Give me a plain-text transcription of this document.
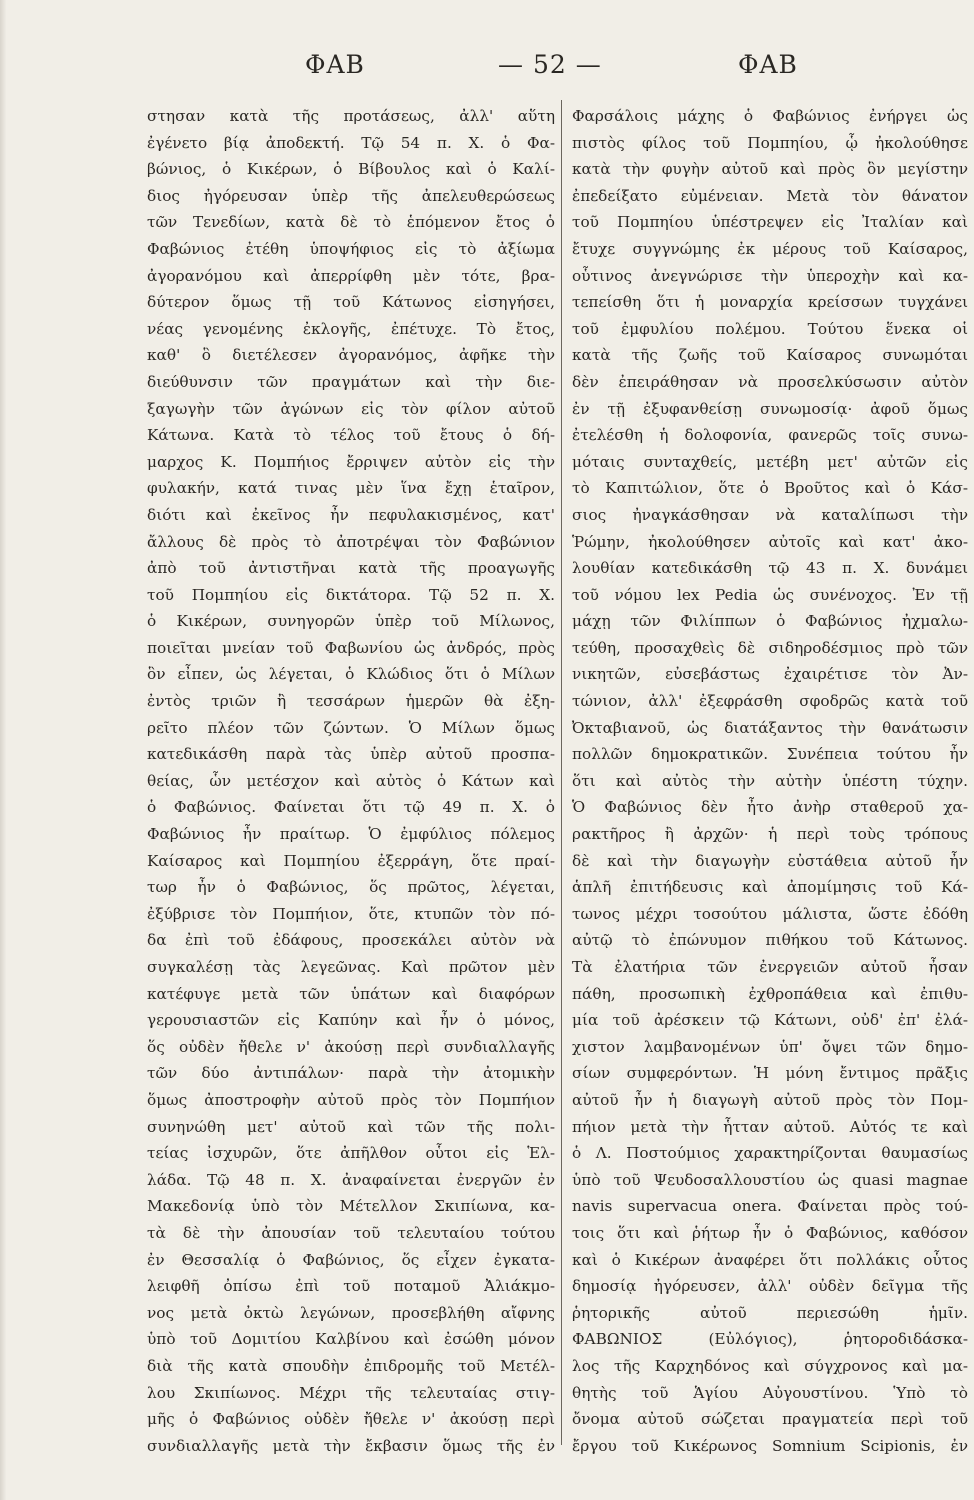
ΦΑΒ	— 52 —	ΦΑΒ
στησαν κατὰ τῆς προτάσεως, ἀλλ' αὕτη
ἐγένετο βίᾳ ἀποδεκτή. Τῷ 54 π. Χ. ὁ Φα-
βώνιος, ὁ Κικέρων, ὁ Βίβουλος καὶ ὁ Καλί-
διος ἠγόρευσαν ὑπὲρ τῆς ἀπελευθερώσεως
τῶν Τενεδίων, κατὰ δὲ τὸ ἑπόμενον ἔτος ὁ
Φαβώνιος ἐτέθη ὑποψήφιος εἰς τὸ ἀξίωμα
ἀγορανόμου καὶ ἀπερρίφθη μὲν τότε, βρα-
δύτερον ὅμως τῇ τοῦ Κάτωνος εἰσηγήσει,
νέας γενομένης ἐκλογῆς, ἐπέτυχε. Τὸ ἔτος,
καθ' ὃ διετέλεσεν ἀγορανόμος, ἀφῆκε τὴν
διεύθυνσιν τῶν πραγμάτων καὶ τὴν διε-
ξαγωγὴν τῶν ἀγώνων εἰς τὸν φίλον αὐτοῦ
Κάτωνα. Κατὰ τὸ τέλος τοῦ ἔτους ὁ δή-
μαρχος Κ. Πομπήιος ἔρριψεν αὐτὸν εἰς τὴν
φυλακήν, κατά τινας μὲν ἵνα ἔχῃ ἑταῖρον,
διότι καὶ ἐκεῖνος ἦν πεφυλακισμένος, κατ'
ἄλλους δὲ πρὸς τὸ ἀποτρέψαι τὸν Φαβώνιον
ἀπὸ τοῦ ἀντιστῆναι κατὰ τῆς προαγωγῆς
τοῦ Πομπηίου εἰς δικτάτορα. Τῷ 52 π. Χ.
ὁ Κικέρων, συνηγορῶν ὑπὲρ τοῦ Μίλωνος,
ποιεῖται μνείαν τοῦ Φαβωνίου ὡς ἀνδρός, πρὸς
ὃν εἶπεν, ὡς λέγεται, ὁ Κλώδιος ὅτι ὁ Μίλων
ἐντὸς τριῶν ἢ τεσσάρων ἡμερῶν θὰ ἐξη-
ρεῖτο πλέον τῶν ζώντων. Ὁ Μίλων ὅμως
κατεδικάσθη παρὰ τὰς ὑπὲρ αὐτοῦ προσπα-
θείας, ὧν μετέσχον καὶ αὐτὸς ὁ Κάτων καὶ
ὁ Φαβώνιος. Φαίνεται ὅτι τῷ 49 π. Χ. ὁ
Φαβώνιος ἦν πραίτωρ. Ὁ ἐμφύλιος πόλεμος
Καίσαρος καὶ Πομπηίου ἐξερράγη, ὅτε πραί-
τωρ ἦν ὁ Φαβώνιος, ὅς πρῶτος, λέγεται,
ἐξύβρισε τὸν Πομπήιον, ὅτε, κτυπῶν τὸν πό-
δα ἐπὶ τοῦ ἐδάφους, προσεκάλει αὐτὸν νὰ
συγκαλέσῃ τὰς λεγεῶνας. Καὶ πρῶτον μὲν
κατέφυγε μετὰ τῶν ὑπάτων καὶ διαφόρων
γερουσιαστῶν εἰς Καπύην καὶ ἦν ὁ μόνος,
ὅς οὐδὲν ἤθελε ν' ἀκούσῃ περὶ συνδιαλλαγῆς
τῶν δύο ἀντιπάλων· παρὰ τὴν ἀτομικὴν
ὅμως ἀποστροφὴν αὐτοῦ πρὸς τὸν Πομπήιον
συνηνώθη μετ' αὐτοῦ καὶ τῶν τῆς πολι-
τείας ἰσχυρῶν, ὅτε ἀπῆλθον οὗτοι εἰς Ἑλ-
λάδα. Τῷ 48 π. Χ. ἀναφαίνεται ἐνεργῶν ἐν
Μακεδονίᾳ ὑπὸ τὸν Μέτελλον Σκιπίωνα, κα-
τὰ δὲ τὴν ἀπουσίαν τοῦ τελευταίου τούτου
ἐν Θεσσαλίᾳ ὁ Φαβώνιος, ὅς εἶχεν ἐγκατα-
λειφθῆ ὀπίσω ἐπὶ τοῦ ποταμοῦ Ἀλιάκμο-
νος μετὰ ὀκτὼ λεγώνων, προσεβλήθη αἴφνης
ὑπὸ τοῦ Δομιτίου Καλβίνου καὶ ἐσώθη μόνον
διὰ τῆς κατὰ σπουδὴν ἐπιδρομῆς τοῦ Μετέλ-
λου Σκιπίωνος. Μέχρι τῆς τελευταίας στιγ-
μῆς ὁ Φαβώνιος οὐδὲν ἤθελε ν' ἀκούσῃ περὶ
συνδιαλλαγῆς μετὰ τὴν ἔκβασιν ὅμως τῆς ἐν
Φαρσάλοις μάχης ὁ Φαβώνιος ἐνήργει ὡς
πιστὸς φίλος τοῦ Πομπηίου, ᾧ ἠκολούθησε
κατὰ τὴν φυγὴν αὐτοῦ καὶ πρὸς ὃν μεγίστην
ἐπεδείξατο εὐμένειαν. Μετὰ τὸν θάνατον
τοῦ Πομπηίου ὑπέστρεψεν εἰς Ἰταλίαν καὶ
ἔτυχε συγγνώμης ἐκ μέρους τοῦ Καίσαρος,
οὗτινος ἀνεγνώρισε τὴν ὑπεροχὴν καὶ κα-
τεπείσθη ὅτι ἡ μοναρχία κρείσσων τυγχάνει
τοῦ ἐμφυλίου πολέμου. Τούτου ἕνεκα οἱ
κατὰ τῆς ζωῆς τοῦ Καίσαρος συνωμόται
δὲν ἐπειράθησαν νὰ προσελκύσωσιν αὐτὸν
ἐν τῇ ἐξυφανθείσῃ συνωμοσίᾳ· ἀφοῦ ὅμως
ἐτελέσθη ἡ δολοφονία, φανερῶς τοῖς συνω-
μόταις συνταχθείς, μετέβη μετ' αὐτῶν εἰς
τὸ Καπιτώλιον, ὅτε ὁ Βροῦτος καὶ ὁ Κάσ-
σιος ἠναγκάσθησαν νὰ καταλίπωσι τὴν
Ῥώμην, ἠκολούθησεν αὐτοῖς καὶ κατ' ἀκο-
λουθίαν κατεδικάσθη τῷ 43 π. Χ. δυνάμει
τοῦ νόμου lex Pedia ὡς συνένοχος. Ἐν τῇ
μάχῃ τῶν Φιλίππων ὁ Φαβώνιος ἠχμαλω-
τεύθη, προσαχθεὶς δὲ σιδηροδέσμιος πρὸ τῶν
νικητῶν, εὐσεβάστως ἐχαιρέτισε τὸν Ἀν-
τώνιον, ἀλλ' ἐξεφράσθη σφοδρῶς κατὰ τοῦ
Ὀκταβιανοῦ, ὡς διατάξαντος τὴν θανάτωσιν
πολλῶν δημοκρατικῶν. Συνέπεια τούτου ἦν
ὅτι καὶ αὐτὸς τὴν αὐτὴν ὑπέστη τύχην.
Ὁ Φαβώνιος δὲν ἦτο ἀνὴρ σταθεροῦ χα-
ρακτῆρος ἢ ἀρχῶν· ἡ περὶ τοὺς τρόπους
δὲ καὶ τὴν διαγωγὴν εὐστάθεια αὐτοῦ ἦν
ἁπλῆ ἐπιτήδευσις καὶ ἀπομίμησις τοῦ Κά-
τωνος μέχρι τοσούτου μάλιστα, ὥστε ἐδόθη
αὐτῷ τὸ ἐπώνυμον πιθήκου τοῦ Κάτωνος.
Τὰ ἐλατήρια τῶν ἐνεργειῶν αὐτοῦ ἦσαν
πάθη, προσωπικὴ ἐχθροπάθεια καὶ ἐπιθυ-
μία τοῦ ἀρέσκειν τῷ Κάτωνι, οὐδ' ἐπ' ἐλά-
χιστον λαμβανομένων ὑπ' ὄψει τῶν δημο-
σίων συμφερόντων. Ἡ μόνη ἔντιμος πρᾶξις
αὐτοῦ ἦν ἡ διαγωγὴ αὐτοῦ πρὸς τὸν Πομ-
πήιον μετὰ τὴν ἧτταν αὐτοῦ. Αὐτός τε καὶ
ὁ Λ. Ποστούμιος χαρακτηρίζονται θαυμασίως
ὑπὸ τοῦ Ψευδοσαλλουστίου ὡς quasi magnae
navis supervacua onera. Φαίνεται πρὸς τού-
τοις ὅτι καὶ ῥήτωρ ἦν ὁ Φαβώνιος, καθόσον
καὶ ὁ Κικέρων ἀναφέρει ὅτι πολλάκις οὗτος
δημοσίᾳ ἠγόρευσεν, ἀλλ' οὐδὲν δεῖγμα τῆς
ῥητορικῆς αὐτοῦ περιεσώθη ἡμῖν.
ΦΑΒΩΝΙΟΣ (Εὐλόγιος), ῥητοροδιδάσκα-
λος τῆς Καρχηδόνος καὶ σύγχρονος καὶ μα-
θητὴς τοῦ Ἁγίου Αὐγουστίνου. Ὑπὸ τὸ
ὄνομα αὐτοῦ σώζεται πραγματεία περὶ τοῦ
ἔργου τοῦ Κικέρωνος Somnium Scipionis, ἐν
